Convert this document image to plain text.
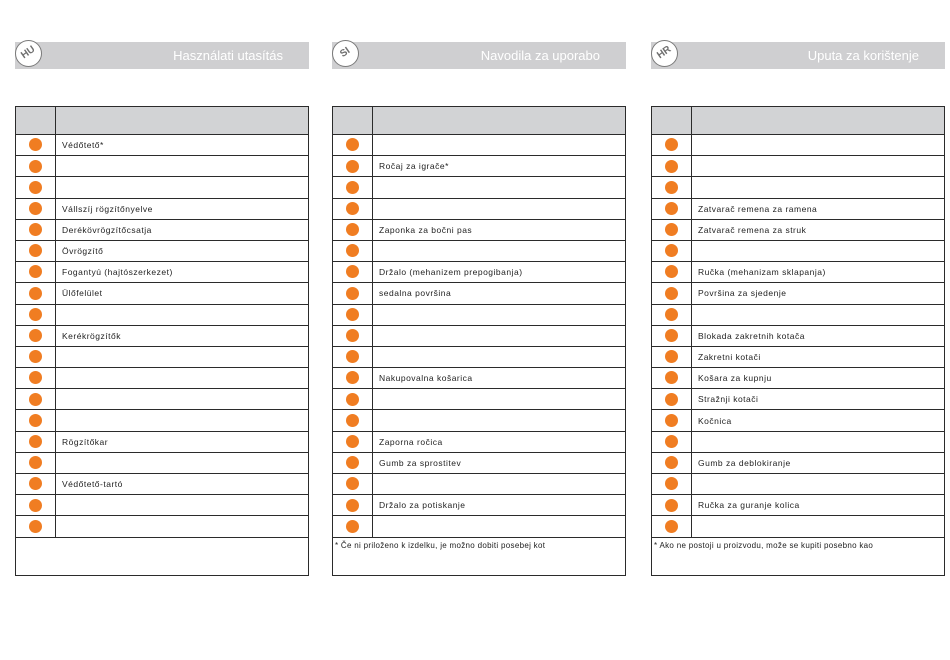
Használati utasítás
HU

	Védőtető*

	Vállszíj rögzítőnyelve
	Derékövrögzítőcsatja
	Övrögzítő
	Fogantyú (hajtószerkezet)
	Ülőfelület

	Kerékrögzítők

	Rögzítőkar

	Védőtető-tartó

Navodila za uporabo
SI

	Ročaj za igrače*

	Zaponka za bočni pas

	Držalo (mehanizem prepogibanja)
	sedalna površina

	Nakupovalna košarica

	Zaporna ročica
	Gumb za sprostitev

	Držalo za potiskanje

* Če ni priloženo k izdelku, je možno dobiti posebej kot	
Uputa za korištenje
HR

	Zatvarač remena za ramena
	Zatvarač remena za struk

	Ručka (mehanizam sklapanja)
	Površina za sjedenje

	Blokada zakretnih kotača
	Zakretni kotači
	Košara za kupnju
	Stražnji kotači
	Kočnica

	Gumb za deblokiranje

	Ručka za guranje kolica

* Ako ne postoji u proizvodu, može se kupiti posebno kao	
